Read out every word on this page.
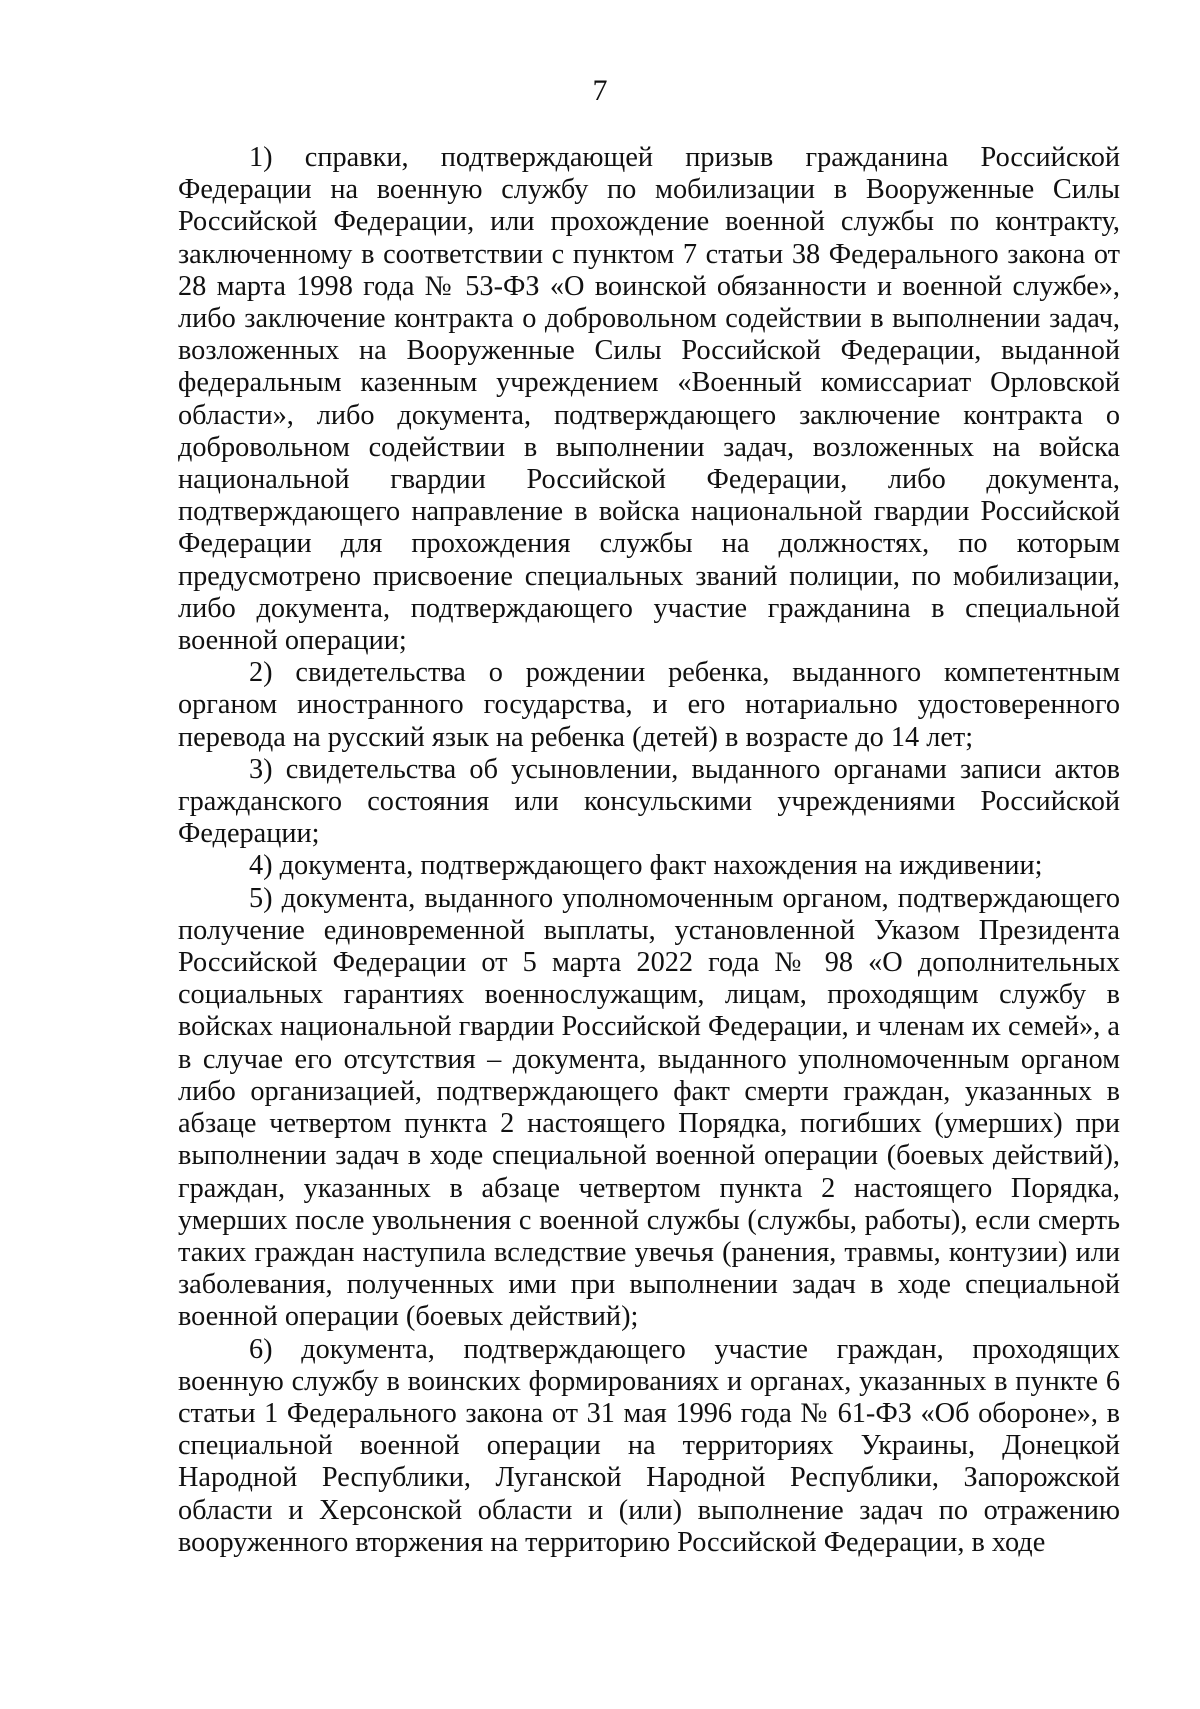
7

1) справки, подтверждающей призыв гражданина Российской Федерации на военную службу по мобилизации в Вооруженные Силы Российской Федерации, или прохождение военной службы по контракту, заключенному в соответствии с пунктом 7 статьи 38 Федерального закона от 28 марта 1998 года № 53-ФЗ «О воинской обязанности и военной службе», либо заключение контракта о добровольном содействии в выполнении задач, возложенных на Вооруженные Силы Российской Федерации, выданной федеральным казенным учреждением «Военный комиссариат Орловской области», либо документа, подтверждающего заключение контракта о добровольном содействии в выполнении задач, возложенных на войска национальной гвардии Российской Федерации, либо документа, подтверждающего направление в войска национальной гвардии Российской Федерации для прохождения службы на должностях, по которым предусмотрено присвоение специальных званий полиции, по мобилизации, либо документа, подтверждающего участие гражданина в специальной военной операции;

2) свидетельства о рождении ребенка, выданного компетентным органом иностранного государства, и его нотариально удостоверенного перевода на русский язык на ребенка (детей) в возрасте до 14 лет;

3) свидетельства об усыновлении, выданного органами записи актов гражданского состояния или консульскими учреждениями Российской Федерации;

4) документа, подтверждающего факт нахождения на иждивении;

5) документа, выданного уполномоченным органом, подтверждающего получение единовременной выплаты, установленной Указом Президента Российской Федерации от 5 марта 2022 года № 98 «О дополнительных социальных гарантиях военнослужащим, лицам, проходящим службу в войсках национальной гвардии Российской Федерации, и членам их семей», а в случае его отсутствия – документа, выданного уполномоченным органом либо организацией, подтверждающего факт смерти граждан, указанных в абзаце четвертом пункта 2 настоящего Порядка, погибших (умерших) при выполнении задач в ходе специальной военной операции (боевых действий), граждан, указанных в абзаце четвертом пункта 2 настоящего Порядка, умерших после увольнения с военной службы (службы, работы), если смерть таких граждан наступила вследствие увечья (ранения, травмы, контузии) или заболевания, полученных ими при выполнении задач в ходе специальной военной операции (боевых действий);

6) документа, подтверждающего участие граждан, проходящих военную службу в воинских формированиях и органах, указанных в пункте 6 статьи 1 Федерального закона от 31 мая 1996 года № 61-ФЗ «Об обороне», в специальной военной операции на территориях Украины, Донецкой Народной Республики, Луганской Народной Республики, Запорожской области и Херсонской области и (или) выполнение задач по отражению вооруженного вторжения на территорию Российской Федерации, в ходе
